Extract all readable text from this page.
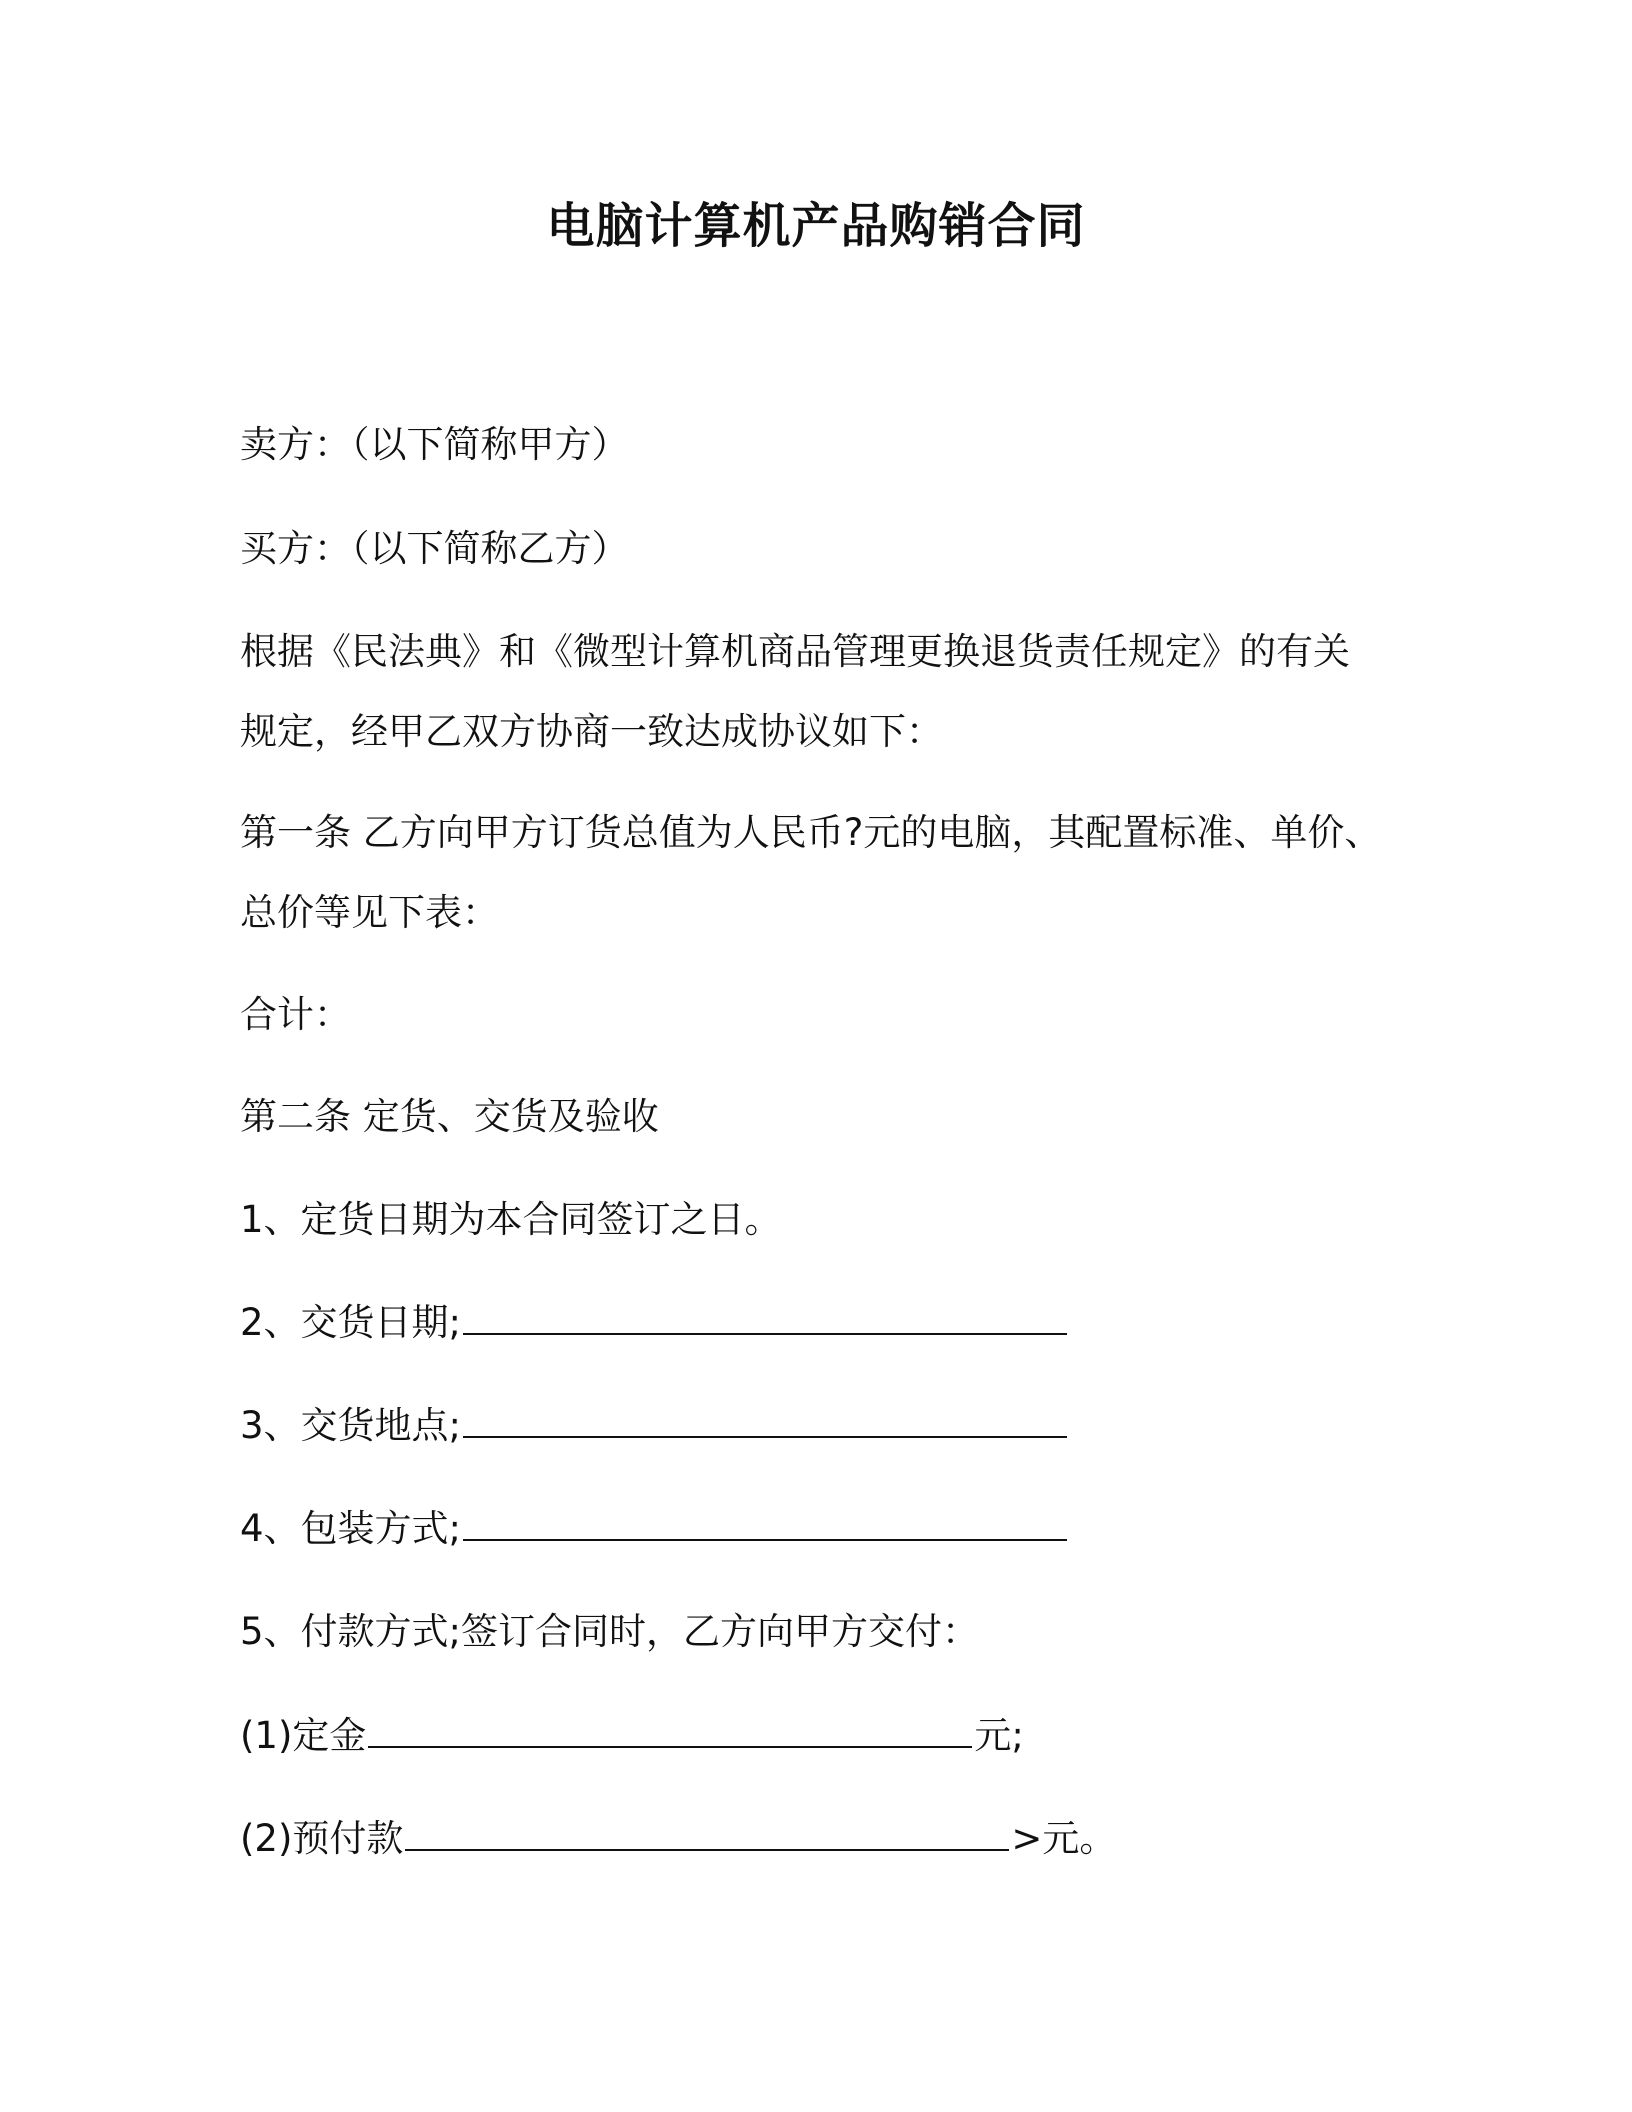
电脑计算机产品购销合同
卖方：（以下简称甲方）
买方：（以下简称乙方）
根据《民法典》和《微型计算机商品管理更换退货责任规定》的有关
规定，经甲乙双方协商一致达成协议如下：
第一条 乙方向甲方订货总值为人民币?元的电脑，其配置标准、单价、
总价等见下表：
合计：
第二条 定货、交货及验收
1、定货日期为本合同签订之日。
2、交货日期;
3、交货地点;
4、包装方式;
5、付款方式;签订合同时，乙方向甲方交付：
(1)定金	元;
(2)预付款	>元。
